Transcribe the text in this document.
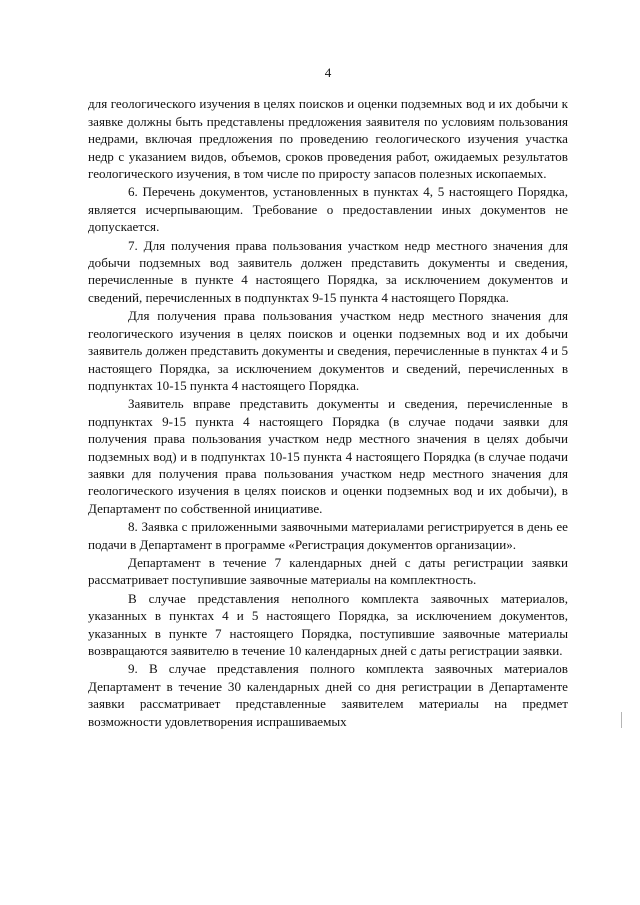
4

для геологического изучения в целях поисков и оценки подземных вод и их добычи к заявке должны быть представлены предложения заявителя по условиям пользования недрами, включая предложения по проведению геологического изучения участка недр с указанием видов, объемов, сроков проведения работ, ожидаемых результатов геологического изучения, в том числе по приросту запасов полезных ископаемых.

6. Перечень документов, установленных в пунктах 4, 5 настоящего Порядка, является исчерпывающим. Требование о предоставлении иных документов не допускается.

7. Для получения права пользования участком недр местного значения для добычи подземных вод заявитель должен представить документы и сведения, перечисленные в пункте 4 настоящего Порядка, за исключением документов и сведений, перечисленных в подпунктах 9-15 пункта 4 настоящего Порядка.

Для получения права пользования участком недр местного значения для геологического изучения в целях поисков и оценки подземных вод и их добычи заявитель должен представить документы и сведения, перечисленные в пунктах 4 и 5 настоящего Порядка, за исключением документов и сведений, перечисленных в подпунктах 10-15 пункта 4 настоящего Порядка.

Заявитель вправе представить документы и сведения, перечисленные в подпунктах 9-15 пункта 4 настоящего Порядка (в случае подачи заявки для получения права пользования участком недр местного значения в целях добычи подземных вод) и в подпунктах 10-15 пункта 4 настоящего Порядка (в случае подачи заявки для получения права пользования участком недр местного значения для геологического изучения в целях поисков и оценки подземных вод и их добычи), в Департамент по собственной инициативе.

8. Заявка с приложенными заявочными материалами регистрируется в день ее подачи в Департамент в программе «Регистрация документов организации».

Департамент в течение 7 календарных дней с даты регистрации заявки рассматривает поступившие заявочные материалы на комплектность.

В случае представления неполного комплекта заявочных материалов, указанных в пунктах 4 и 5 настоящего Порядка, за исключением документов, указанных в пункте 7 настоящего Порядка, поступившие заявочные материалы возвращаются заявителю в течение 10 календарных дней с даты регистрации заявки.

9. В случае представления полного комплекта заявочных материалов Департамент в течение 30 календарных дней со дня регистрации в Департаменте заявки рассматривает представленные заявителем материалы на предмет возможности удовлетворения испрашиваемых
